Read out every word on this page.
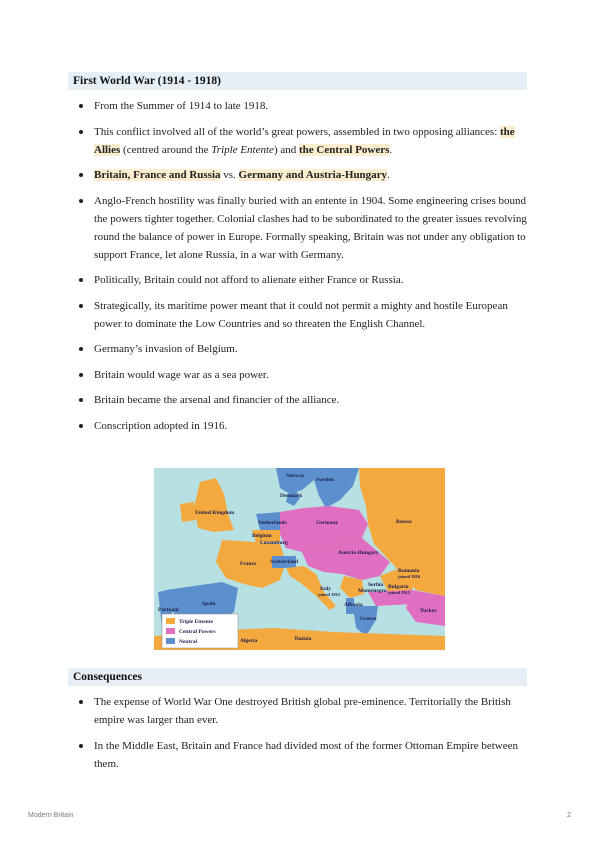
First World War (1914 - 1918)
From the Summer of 1914 to late 1918.
This conflict involved all of the world’s great powers, assembled in two opposing alliances: the Allies (centred around the Triple Entente) and the Central Powers.
Britain, France and Russia vs. Germany and Austria-Hungary.
Anglo-French hostility was finally buried with an entente in 1904. Some engineering crises bound the powers tighter together. Colonial clashes had to be subordinated to the greater issues revolving round the balance of power in Europe. Formally speaking, Britain was not under any obligation to support France, let alone Russia, in a war with Germany.
Politically, Britain could not afford to alienate either France or Russia.
Strategically, its maritime power meant that it could not permit a mighty and hostile European power to dominate the Low Countries and so threaten the English Channel.
Germany’s invasion of Belgium.
Britain would wage war as a sea power.
Britain became the arsenal and financier of the alliance.
Conscription adopted in 1916.
Norway
Sweden
Denmark
United Kingdom
Netherlands	Germany	Russia
Belgium
Luxemburg
Austria-Hungary
France Switzerland
Romania
joined 1916
Italy
joined 1915
Serbia
Montenegro
Bulgaria
joined 1915
Spain
Portugal
Albania
Greece
Turkey
Algeria	Tunisia
Triple Entente
Central Powers
Neutral
Consequences
The expense of World War One destroyed British global pre-eminence. Territorially the British empire was larger than ever.
In the Middle East, Britain and France had divided most of the former Ottoman Empire between them.
Modern Britain	2
